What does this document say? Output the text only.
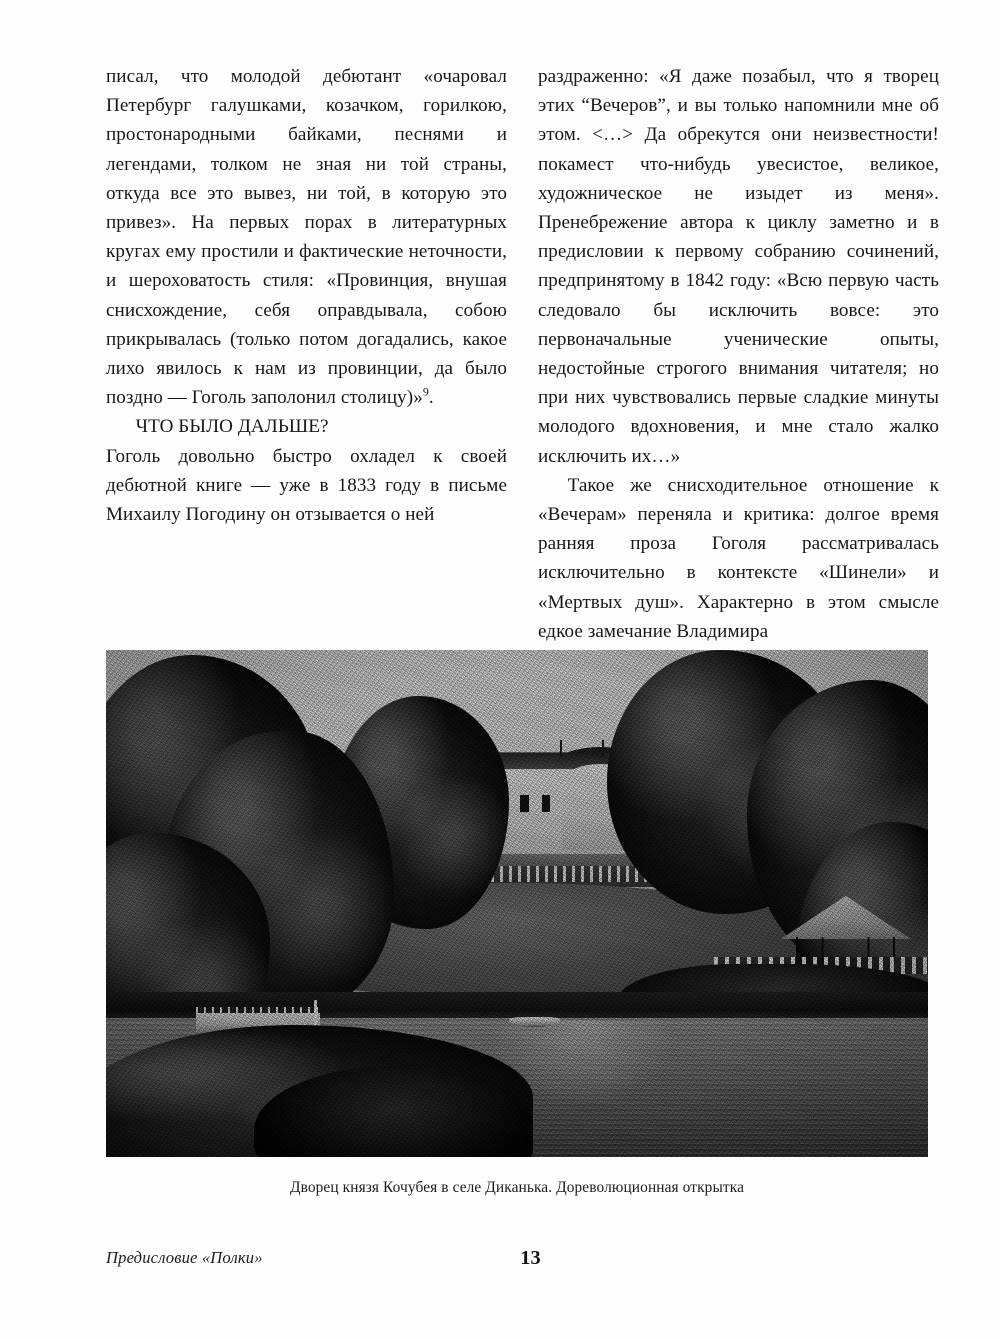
писал, что молодой дебютант «очаровал Петербург галушками, козачком, горилкою, простонародными байками, песнями и легендами, толком не зная ни той страны, откуда все это вывез, ни той, в которую это привез». На первых порах в литературных кругах ему простили и фактические неточности, и шероховатость стиля: «Провинция, внушая снисхождение, себя оправдывала, собою прикрывалась (только потом догадались, какое лихо явилось к нам из провинции, да было поздно — Гоголь заполонил столицу)»$^9$.

ЧТО БЫЛО ДАЛЬШЕ?

Гоголь довольно быстро охладел к своей дебютной книге — уже в 1833 году в письме Михаилу Погодину он отзывается о ней

раздраженно: «Я даже позабыл, что я творец этих “Вечеров”, и вы только напомнили мне об этом. <…> Да обрекутся они неизвестности! покамест что-нибудь увесистое, великое, художническое не изыдет из меня». Пренебрежение автора к циклу заметно и в предисловии к первому собранию сочинений, предпринятому в 1842 году: «Всю первую часть следовало бы исключить вовсе: это первоначальные ученические опыты, недостойные строгого внимания читателя; но при них чувствовались первые сладкие минуты молодого вдохновения, и мне стало жалко исключить их…»

Такое же снисходительное отношение к «Вечерам» переняла и критика: долгое время ранняя проза Гоголя рассматривалась исключительно в контексте «Шинели» и «Мертвых душ». Характерно в этом смысле едкое замечание Владимира

Дворец князя Кочубея в селе Диканька. Дореволюционная открытка
Предисловие «Полки»	13
